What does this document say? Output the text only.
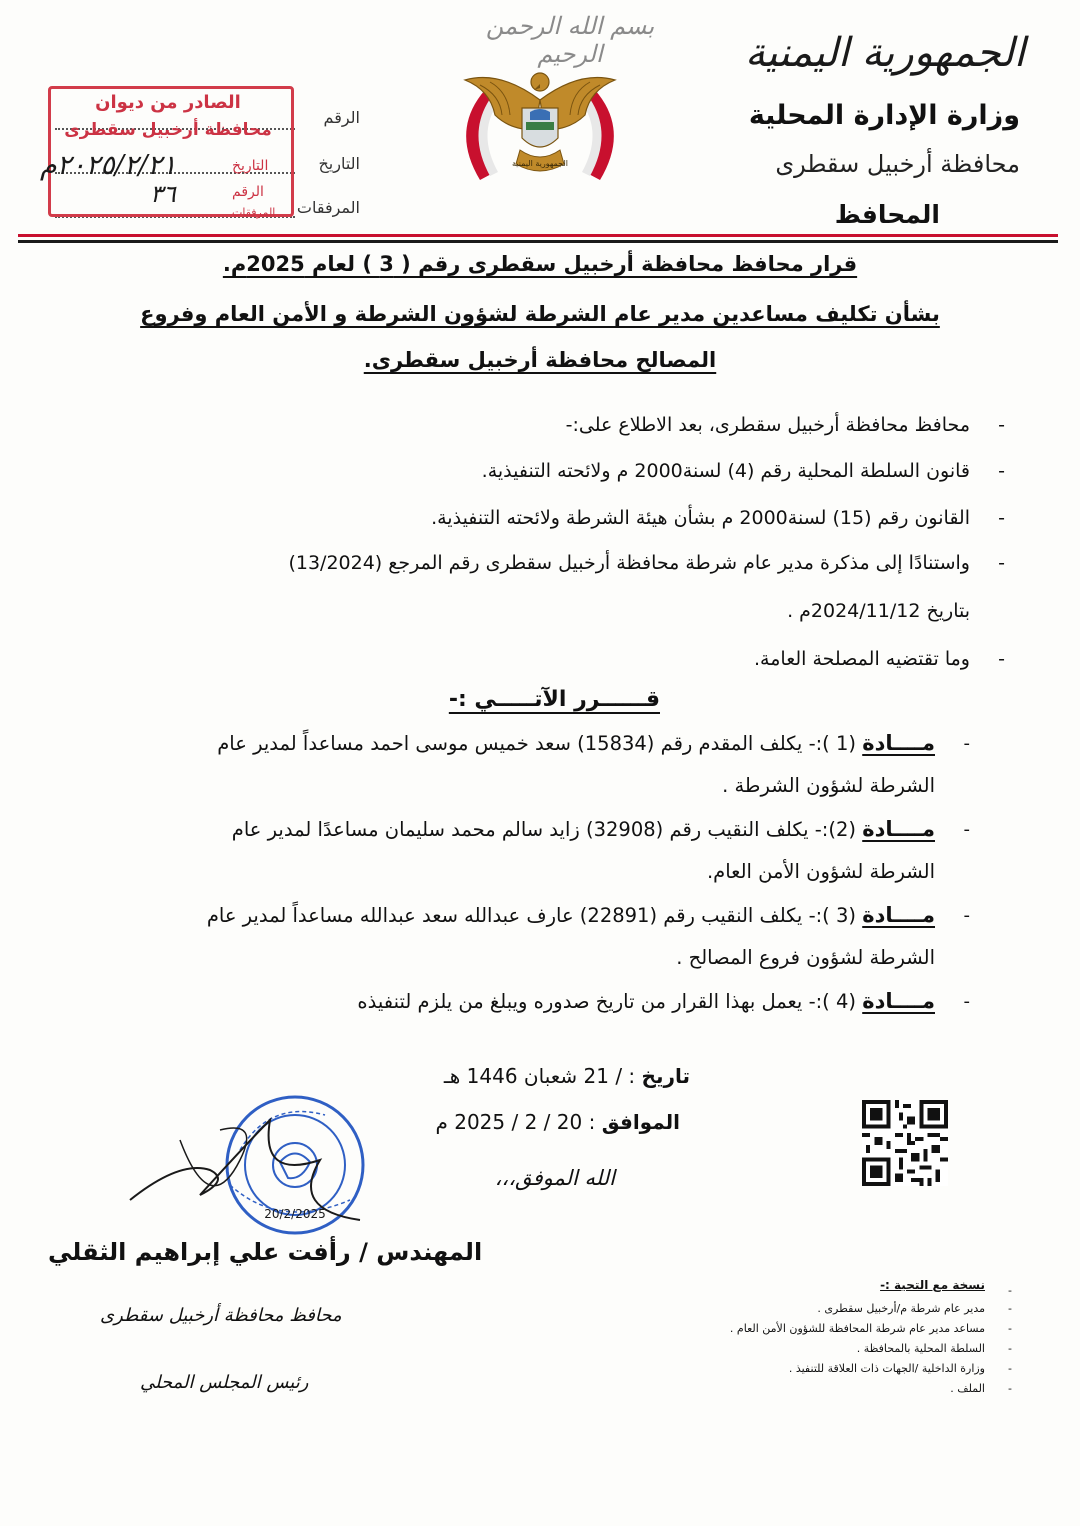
الجمهورية اليمنية
وزارة الإدارة المحلية
محافظة أرخبيل سقطرى
المحافظ
بسم الله الرحمن الرحيم
الجمهورية اليمنية
الرقم
التاريخ
المرفقات
الصادر من ديوان
محافظة أرخبيل سقطرى
التاريخ
الرقم
المرفقات
٢٠٢٥/٢/٢١م
٣٦
قرار محافظ محافظة أرخبيل سقطرى رقم ( 3 ) لعام 2025م.
بشأن تكليف مساعدين مدير عام الشرطة لشؤون الشرطة و الأمن العام وفروع
المصالح محافظة أرخبيل سقطرى.
-
محافظ محافظة أرخبيل سقطرى، بعد الاطلاع على:-
-
قانون السلطة المحلية رقم (4) لسنة2000 م ولائحته التنفيذية.
-
القانون رقم (15) لسنة2000 م بشأن هيئة الشرطة ولائحته التنفيذية.
-
واستنادًا إلى مذكرة مدير عام شرطة محافظة أرخبيل سقطرى رقم المرجع (13/2024)
بتاريخ 2024/11/12م .
-
وما تقتضيه المصلحة العامة.
قــــــرر الآتـــــي :-
-
مــــادة (1 ):- يكلف المقدم رقم (15834) سعد خميس موسى احمد مساعداً لمدير عام الشرطة لشؤون الشرطة .
-
مــــادة (2):- يكلف النقيب رقم (32908) زايد سالم محمد سليمان مساعدًا لمدير عام الشرطة لشؤون الأمن العام.
-
مــــادة (3 ):- يكلف النقيب رقم (22891) عارف عبدالله سعد عبدالله مساعداً لمدير عام الشرطة لشؤون فروع المصالح .
-
مــــادة (4 ):- يعمل بهذا القرار من تاريخ صدوره ويبلغ من يلزم لتنفيذه
تاريخ : / 21 شعبان 1446 هـ
الموافق : 20 / 2 / 2025 م
الله الموفق،،،
20/2/2025
المهندس / رأفت علي إبراهيم الثقلي
محافظ محافظة أرخبيل سقطرى
رئيس المجلس المحلي
نسخة مع التحية :- -
مدير عام شرطة م/أرخبيل سقطرى . -
مساعد مدير عام شرطة المحافظة للشؤون الأمن العام . -
السلطة المحلية بالمحافظة . -
وزارة الداخلية /الجهات ذات العلاقة للتنفيذ . -
الملف . -
